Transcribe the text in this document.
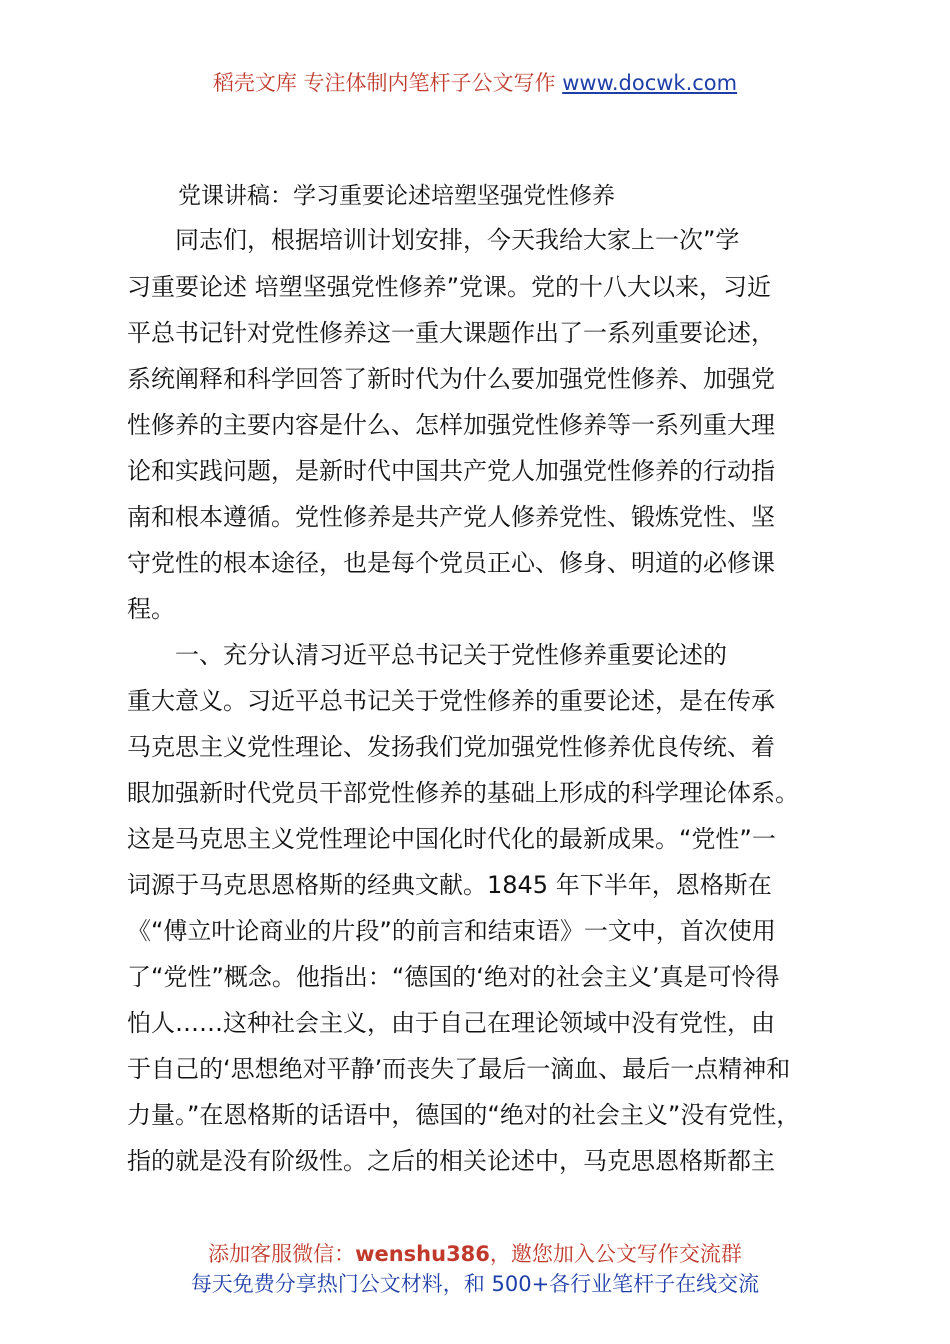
稻壳文库 专注体制内笔杆子公文写作 www.docwk.com
党课讲稿：学习重要论述培塑坚强党性修养
　　同志们，根据培训计划安排，今天我给大家上一次”学
习重要论述 培塑坚强党性修养”党课。党的十八大以来，习近
平总书记针对党性修养这一重大课题作出了一系列重要论述，
系统阐释和科学回答了新时代为什么要加强党性修养、加强党
性修养的主要内容是什么、怎样加强党性修养等一系列重大理
论和实践问题，是新时代中国共产党人加强党性修养的行动指
南和根本遵循。党性修养是共产党人修养党性、锻炼党性、坚
守党性的根本途径，也是每个党员正心、修身、明道的必修课
程。
　　一、充分认清习近平总书记关于党性修养重要论述的
重大意义。习近平总书记关于党性修养的重要论述，是在传承
马克思主义党性理论、发扬我们党加强党性修养优良传统、着
眼加强新时代党员干部党性修养的基础上形成的科学理论体系。
这是马克思主义党性理论中国化时代化的最新成果。“党性”一
词源于马克思恩格斯的经典文献。1845 年下半年，恩格斯在
《“傅立叶论商业的片段”的前言和结束语》一文中，首次使用
了“党性”概念。他指出：“德国的‘绝对的社会主义’真是可怜得
怕人……这种社会主义，由于自己在理论领域中没有党性，由
于自己的‘思想绝对平静’而丧失了最后一滴血、最后一点精神和
力量。”在恩格斯的话语中，德国的“绝对的社会主义”没有党性，
指的就是没有阶级性。之后的相关论述中，马克思恩格斯都主
添加客服微信：wenshu386，邀您加入公文写作交流群
每天免费分享热门公文材料，和 500+各行业笔杆子在线交流
